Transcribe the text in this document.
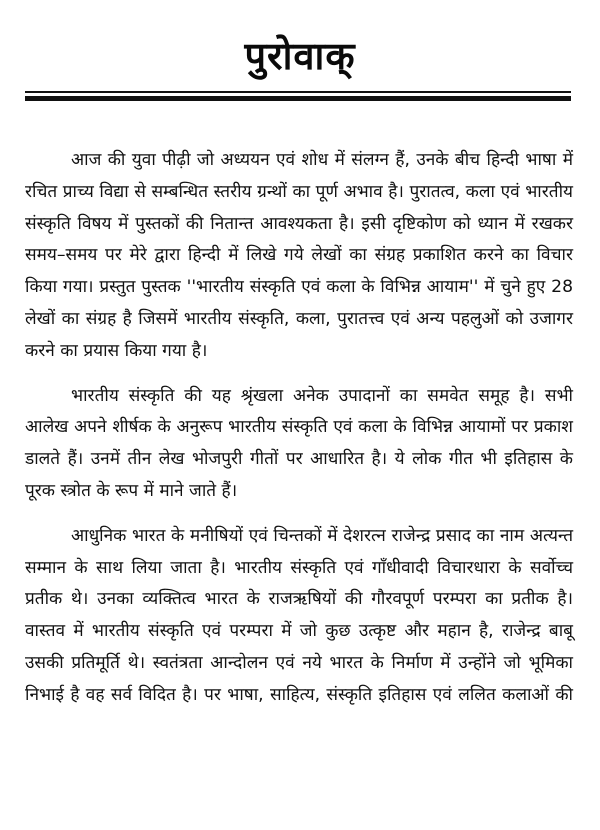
पुरोवाक्

आज की युवा पीढ़ी जो अध्ययन एवं शोध में संलग्न हैं, उनके बीच हिन्दी भाषा में रचित प्राच्य विद्या से सम्बन्धित स्तरीय ग्रन्थों का पूर्ण अभाव है। पुरातत्व, कला एवं भारतीय संस्कृति विषय में पुस्तकों की नितान्त आवश्यकता है। इसी दृष्टिकोण को ध्यान में रखकर समय–समय पर मेरे द्वारा हिन्दी में लिखे गये लेखों का संग्रह प्रकाशित करने का विचार किया गया। प्रस्तुत पुस्तक ''भारतीय संस्कृति एवं कला के विभिन्न आयाम'' में चुने हुए 28 लेखों का संग्रह है जिसमें भारतीय संस्कृति, कला, पुरातत्त्व एवं अन्य पहलुओं को उजागर करने का प्रयास किया गया है।

भारतीय संस्कृति की यह श्रृंखला अनेक उपादानों का समवेत समूह है। सभी आलेख अपने शीर्षक के अनुरूप भारतीय संस्कृति एवं कला के विभिन्न आयामों पर प्रकाश डालते हैं। उनमें तीन लेख भोजपुरी गीतों पर आधारित है। ये लोक गीत भी इतिहास के पूरक स्त्रोत के रूप में माने जाते हैं।

आधुनिक भारत के मनीषियों एवं चिन्तकों में देशरत्न राजेन्द्र प्रसाद का नाम अत्यन्त सम्मान के साथ लिया जाता है। भारतीय संस्कृति एवं गाँधीवादी विचारधारा के सर्वोच्च प्रतीक थे। उनका व्यक्तित्व भारत के राजऋषियों की गौरवपूर्ण परम्परा का प्रतीक है। वास्तव में भारतीय संस्कृति एवं परम्परा में जो कुछ उत्कृष्ट और महान है, राजेन्द्र बाबू उसकी प्रतिमूर्ति थे। स्वतंत्रता आन्दोलन एवं नये भारत के निर्माण में उन्होंने जो भूमिका निभाई है वह सर्व विदित है। पर भाषा, साहित्य, संस्कृति इतिहास एवं ललित कलाओं की
